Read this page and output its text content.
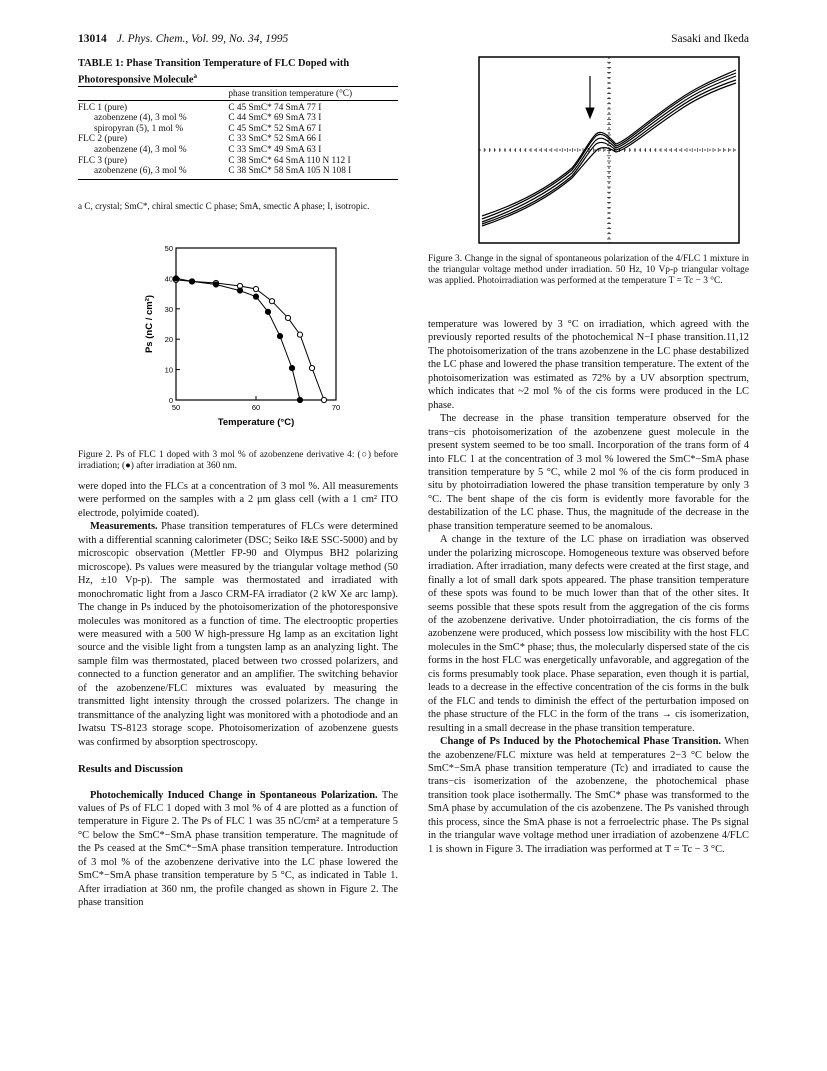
13014 J. Phys. Chem., Vol. 99, No. 34, 1995	Sasaki and Ikeda
TABLE 1: Phase Transition Temperature of FLC Doped with Photoresponsive Molecule$^a$
	phase transition temperature (°C)
FLC 1 (pure)	C 45 SmC* 74 SmA 77 I
azobenzene (4), 3 mol %	C 44 SmC* 69 SmA 73 I
spiropyran (5), 1 mol %	C 45 SmC* 52 SmA 67 I
FLC 2 (pure)	C 33 SmC* 52 SmA 66 I
azobenzene (4), 3 mol %	C 33 SmC* 49 SmA 63 I
FLC 3 (pure)	C 38 SmC* 64 SmA 110 N 112 I
azobenzene (6), 3 mol %	C 38 SmC* 58 SmA 105 N 108 I

a C, crystal; SmC*, chiral smectic C phase; SmA, smectic A phase; I, isotropic.
0
10
20
30
40
50
50	60	70
Temperature (°C)
Ps (nC / cm²)
Figure 2. Ps of FLC 1 doped with 3 mol % of azobenzene derivative 4: (○) before irradiation; (●) after irradiation at 360 nm.
Figure 3. Change in the signal of spontaneous polarization of the 4/FLC 1 mixture in the triangular voltage method under irradiation. 50 Hz, 10 Vp-p triangular voltage was applied. Photoirradiation was performed at the temperature T = Tc − 3 °C.

were doped into the FLCs at a concentration of 3 mol %. All measurements were performed on the samples with a 2 μm glass cell (with a 1 cm² ITO electrode, polyimide coated).

Measurements. Phase transition temperatures of FLCs were determined with a differential scanning calorimeter (DSC; Seiko I&E SSC-5000) and by microscopic observation (Mettler FP-90 and Olympus BH2 polarizing microscope). Ps values were measured by the triangular voltage method (50 Hz, ±10 Vp-p). The sample was thermostated and irradiated with monochromatic light from a Jasco CRM-FA irradiator (2 kW Xe arc lamp). The change in Ps induced by the photoisomerization of the photoresponsive molecules was monitored as a function of time. The electrooptic properties were measured with a 500 W high-pressure Hg lamp as an excitation light source and the visible light from a tungsten lamp as an analyzing light. The sample film was thermostated, placed between two crossed polarizers, and connected to a function generator and an amplifier. The switching behavior of the azobenzene/FLC mixtures was evaluated by measuring the transmitted light intensity through the crossed polarizers. The change in transmittance of the analyzing light was monitored with a photodiode and an Iwatsu TS-8123 storage scope. Photoisomerization of azobenzene guests was confirmed by absorption spectroscopy.

Results and Discussion

Photochemically Induced Change in Spontaneous Polarization. The values of Ps of FLC 1 doped with 3 mol % of 4 are plotted as a function of temperature in Figure 2. The Ps of FLC 1 was 35 nC/cm² at a temperature 5 °C below the SmC*−SmA phase transition temperature. The magnitude of the Ps ceased at the SmC*−SmA phase transition temperature. Introduction of 3 mol % of the azobenzene derivative into the LC phase lowered the SmC*−SmA phase transition temperature by 5 °C, as indicated in Table 1. After irradiation at 360 nm, the profile changed as shown in Figure 2. The phase transition

temperature was lowered by 3 °C on irradiation, which agreed with the previously reported results of the photochemical N−I phase transition.11,12 The photoisomerization of the trans azobenzene in the LC phase destabilized the LC phase and lowered the phase transition temperature. The extent of the photoisomerization was estimated as 72% by a UV absorption spectrum, which indicates that ~2 mol % of the cis forms were produced in the LC phase.

The decrease in the phase transition temperature observed for the trans−cis photoisomerization of the azobenzene guest molecule in the present system seemed to be too small. Incorporation of the trans form of 4 into FLC 1 at the concentration of 3 mol % lowered the SmC*−SmA phase transition temperature by 5 °C, while 2 mol % of the cis form produced in situ by photoirradiation lowered the phase transition temperature by only 3 °C. The bent shape of the cis form is evidently more favorable for the destabilization of the LC phase. Thus, the magnitude of the decrease in the phase transition temperature seemed to be anomalous.

A change in the texture of the LC phase on irradiation was observed under the polarizing microscope. Homogeneous texture was observed before irradiation. After irradiation, many defects were created at the first stage, and finally a lot of small dark spots appeared. The phase transition temperature of these spots was found to be much lower than that of the other sites. It seems possible that these spots result from the aggregation of the cis forms of the azobenzene derivative. Under photoirradiation, the cis forms of the azobenzene were produced, which possess low miscibility with the host FLC molecules in the SmC* phase; thus, the molecularly dispersed state of the cis forms in the host FLC was energetically unfavorable, and aggregation of the cis forms presumably took place. Phase separation, even though it is partial, leads to a decrease in the effective concentration of the cis forms in the bulk of the FLC and tends to diminish the effect of the perturbation imposed on the phase structure of the FLC in the form of the trans → cis isomerization, resulting in a small decrease in the phase transition temperature.

Change of Ps Induced by the Photochemical Phase Transition. When the azobenzene/FLC mixture was held at temperatures 2−3 °C below the SmC*−SmA phase transition temperature (Tc) and irradiated to cause the trans−cis isomerization of the azobenzene, the photochemical phase transition took place isothermally. The SmC* phase was transformed to the SmA phase by accumulation of the cis azobenzene. The Ps vanished through this process, since the SmA phase is not a ferroelectric phase. The Ps signal in the triangular wave voltage method uner irradiation of azobenzene 4/FLC 1 is shown in Figure 3. The irradiation was performed at T = Tc − 3 °C.
